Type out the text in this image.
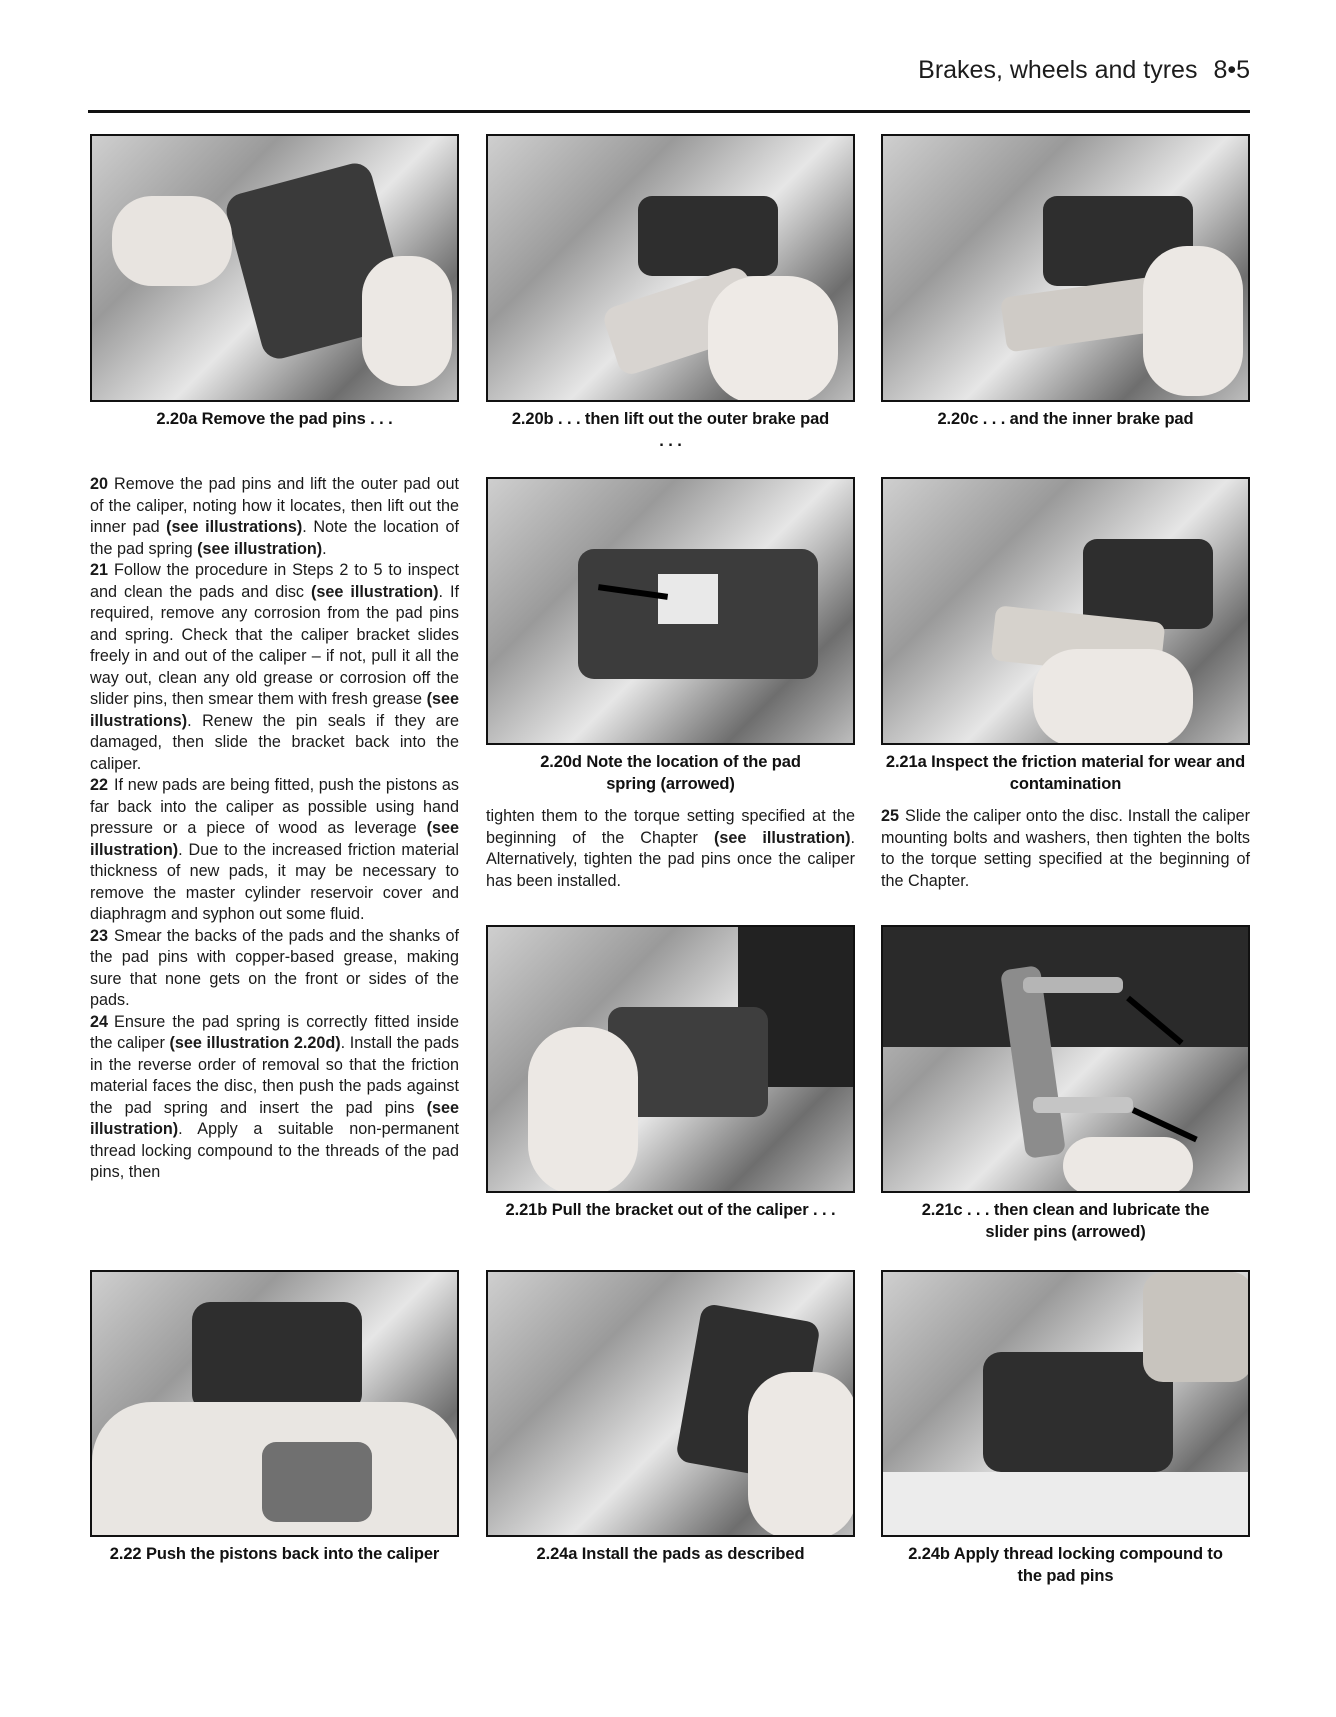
Brakes, wheels and tyres 8•5
2.20a Remove the pad pins . . .	2.20b . . . then lift out the outer brake pad . . .
2.20c . . . and the inner brake pad

20 Remove the pad pins and lift the outer pad out of the caliper, noting how it locates, then lift out the inner pad (see illustrations). Note the location of the pad spring (see illustration).

21 Follow the procedure in Steps 2 to 5 to inspect and clean the pads and disc (see illustration). If required, remove any corrosion from the pad pins and spring. Check that the caliper bracket slides freely in and out of the caliper – if not, pull it all the way out, clean any old grease or corrosion off the slider pins, then smear them with fresh grease (see illustrations). Renew the pin seals if they are damaged, then slide the bracket back into the caliper.

22 If new pads are being fitted, push the pistons as far back into the caliper as possible using hand pressure or a piece of wood as leverage (see illustration). Due to the increased friction material thickness of new pads, it may be necessary to remove the master cylinder reservoir cover and diaphragm and syphon out some fluid.

23 Smear the backs of the pads and the shanks of the pad pins with copper-based grease, making sure that none gets on the front or sides of the pads.

24 Ensure the pad spring is correctly fitted inside the caliper (see illustration 2.20d). Install the pads in the reverse order of removal so that the friction material faces the disc, then push the pads against the pad spring and insert the pad pins (see illustration). Apply a suitable non-permanent thread locking compound to the threads of the pad pins, then

2.20d Note the location of the pad spring (arrowed)
2.21a Inspect the friction material for wear and contamination

tighten them to the torque setting specified at the beginning of the Chapter (see illustration). Alternatively, tighten the pad pins once the caliper has been installed.

25 Slide the caliper onto the disc. Install the caliper mounting bolts and washers, then tighten the bolts to the torque setting specified at the beginning of the Chapter.

2.21b Pull the bracket out of the caliper . . .	2.21c . . . then clean and lubricate the slider pins (arrowed)
2.22 Push the pistons back into the caliper	2.24a Install the pads as described	2.24b Apply thread locking compound to the pad pins
